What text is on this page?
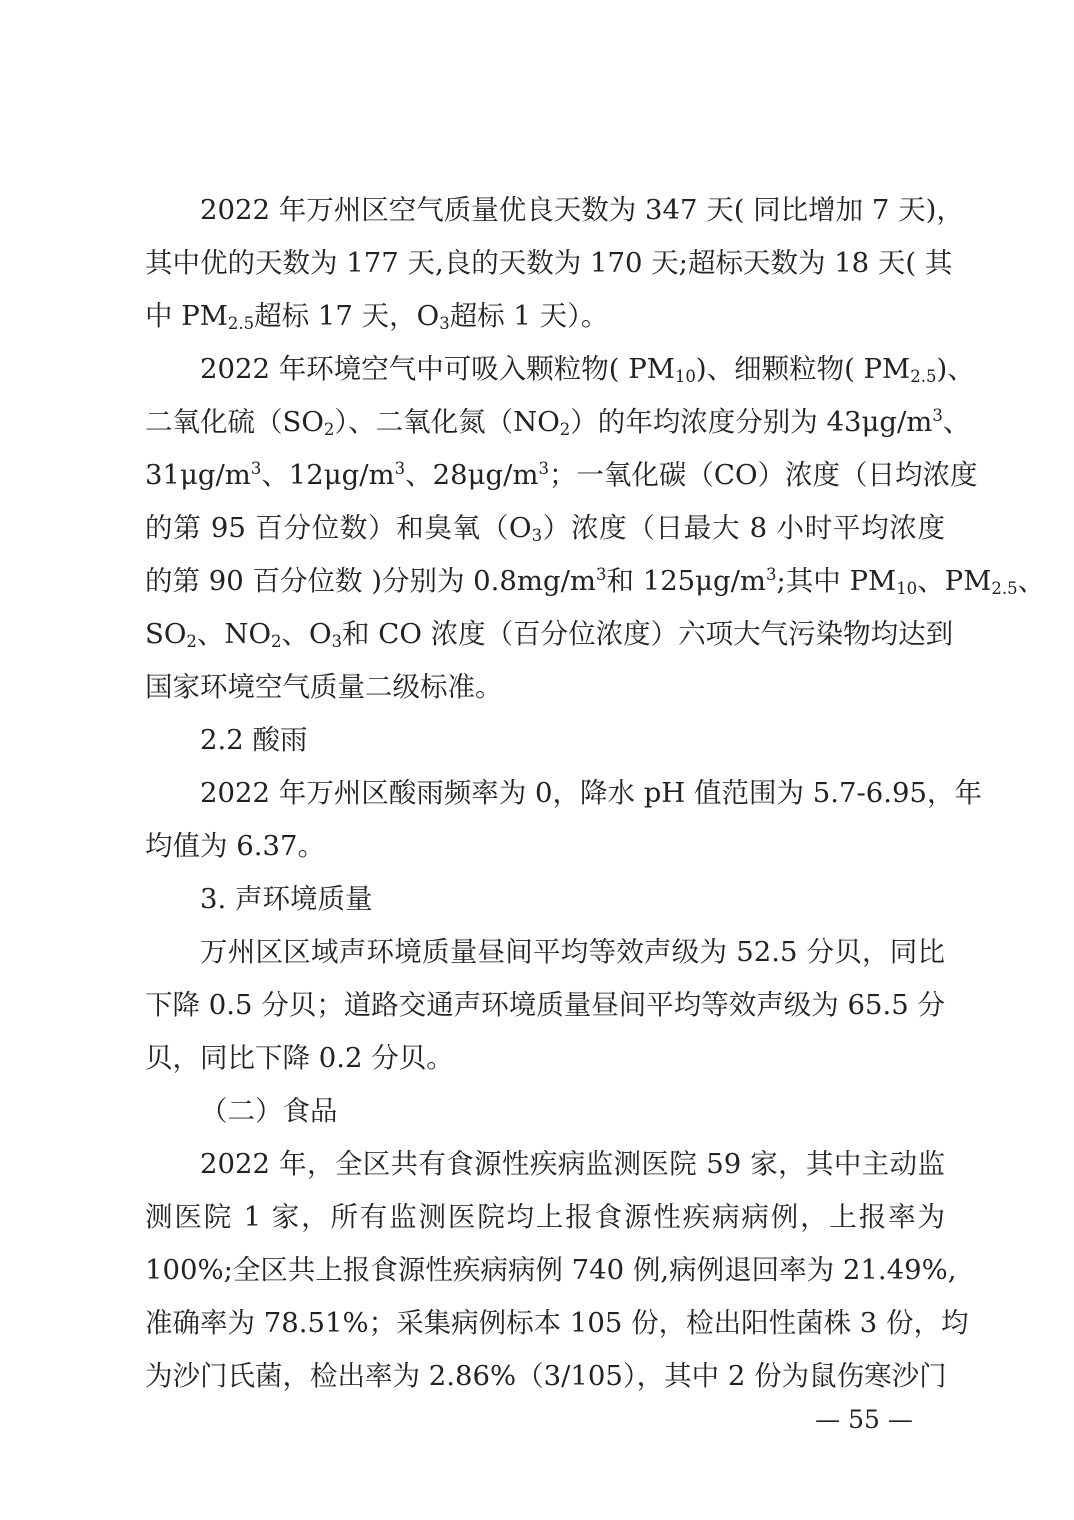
2022 年万州区空气质量优良天数为 347 天( 同比增加 7 天)，
其中优的天数为 177 天,良的天数为 170 天;超标天数为 18 天( 其
中 $PM_{2.5}$超标 17 天，$O_3$超标 1 天）。
2022 年环境空气中可吸入颗粒物( $PM_{10}$)、细颗粒物( $PM_{2.5}$)、
二氧化硫$(SO_2)$、二氧化氮$(NO_2)$的年均浓度分别为 $43\mu g/m^3$、
$31\mu g/m^3$、$12\mu g/m^3$、$28\mu g/m^3$；一氧化碳（CO）浓度（日均浓度
的第 95 百分位数）和臭氧$(O_3)$浓度（日最大 8 小时平均浓度
的第 90 百分位数 )分别为 $0.8mg/m^3$和 $125\mu g/m^3$;其中 $PM_{10}$、$PM_{2.5}$、
$SO_2$、$NO_2$、$O_3$和 CO 浓度（百分位浓度）六项大气污染物均达到
国家环境空气质量二级标准。
2.2 酸雨
2022 年万州区酸雨频率为 0，降水 pH 值范围为 5.7-6.95，年
均值为 6.37。
3. 声环境质量
万州区区域声环境质量昼间平均等效声级为 52.5 分贝，同比
下降 0.5 分贝；道路交通声环境质量昼间平均等效声级为 65.5 分
贝，同比下降 0.2 分贝。
（二）食品
2022 年，全区共有食源性疾病监测医院 59 家，其中主动监
测医院 1 家，所有监测医院均上报食源性疾病病例，上报率为
100%;全区共上报食源性疾病病例 740 例,病例退回率为 21.49%,
准确率为 78.51%；采集病例标本 105 份，检出阳性菌株 3 份，均
为沙门氏菌，检出率为 2.86%（3/105），其中 2 份为鼠伤寒沙门
— 55 —
